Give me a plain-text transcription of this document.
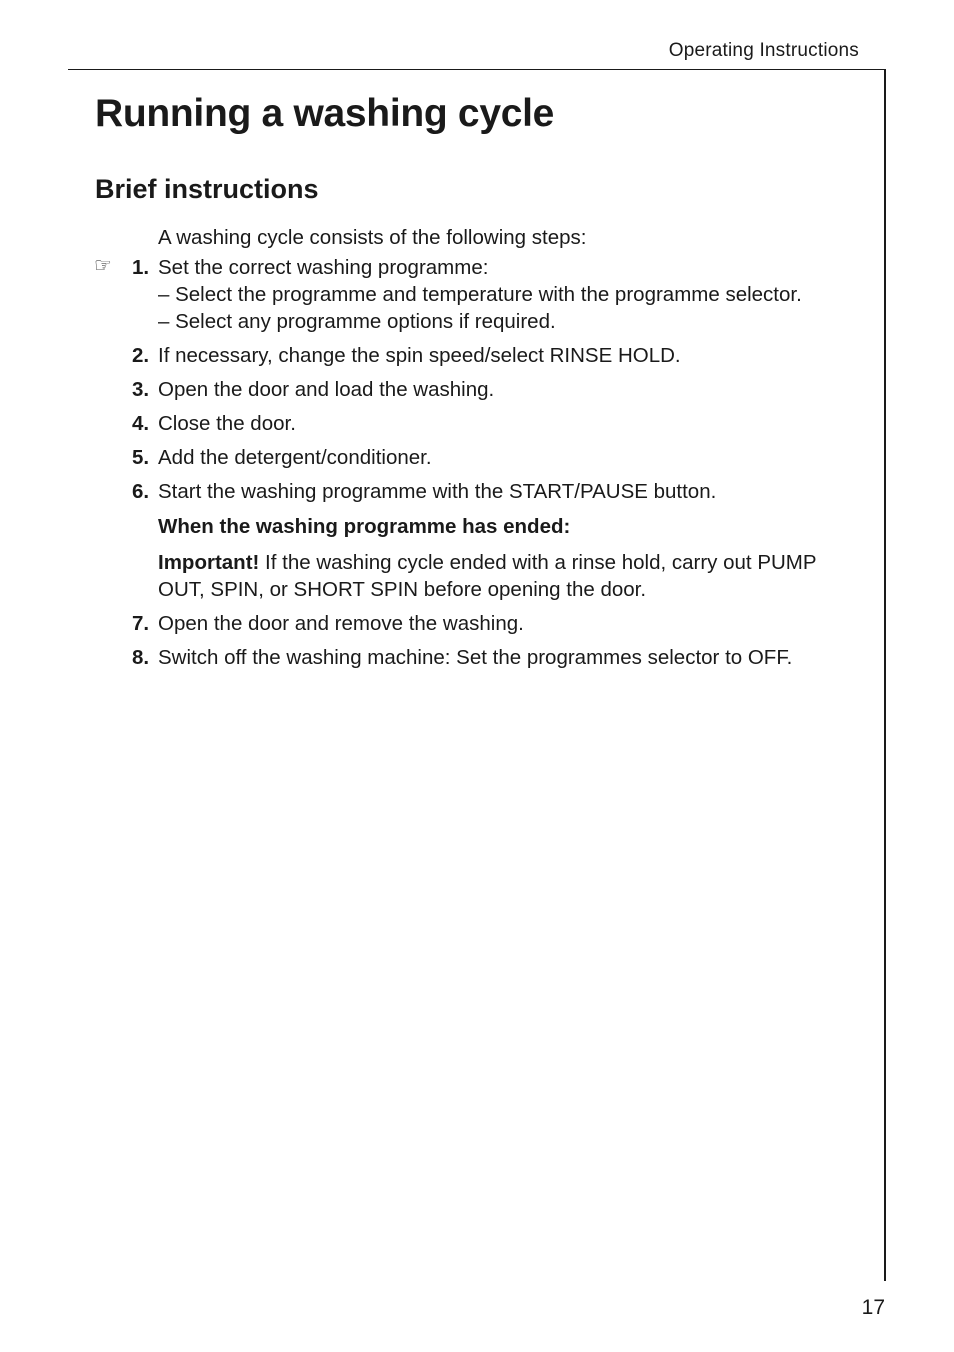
Operating Instructions
Running a washing cycle
Brief instructions

A washing cycle consists of the following steps:

☞ 1. Set the correct washing programme:

– Select the programme and temperature with the programme selector.

– Select any programme options if required.

2. If necessary, change the spin speed/select RINSE HOLD.
3. Open the door and load the washing.
4. Close the door.
5. Add the detergent/conditioner.
6. Start the washing programme with the START/PAUSE button.

When the washing programme has ended:

Important! If the washing cycle ended with a rinse hold, carry out PUMP OUT, SPIN, or SHORT SPIN before opening the door.

7. Open the door and remove the washing.
8. Switch off the washing machine: Set the programmes selector to OFF.
17
